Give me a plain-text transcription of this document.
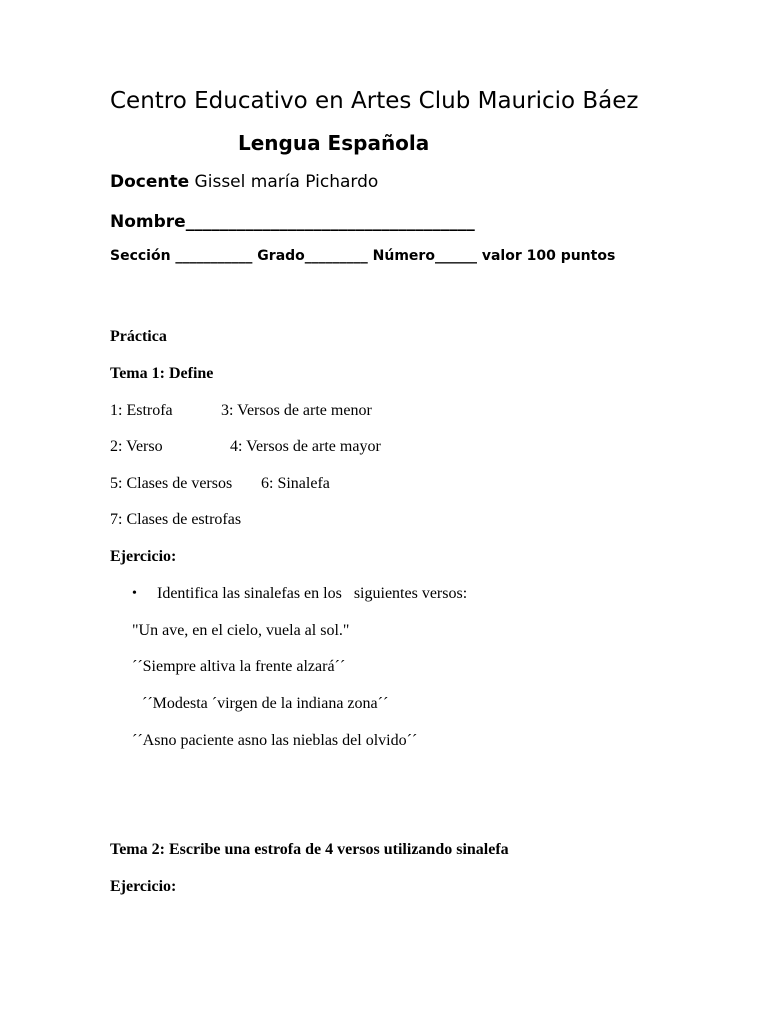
Centro Educativo en Artes Club Mauricio Báez
Lengua Española
Docente Gissel maría Pichardo
Nombre__________________________________
Sección ___________ Grado_________ Número______ valor 100 puntos
Práctica
Tema 1: Define
1: Estrofa	3: Versos de arte menor
2: Verso	4: Versos de arte mayor
5: Clases de versos 6: Sinalefa
7: Clases de estrofas
Ejercicio:
• Identifica las sinalefas en los   siguientes versos:
"Un ave, en el cielo, vuela al sol."
´´Siempre altiva la frente alzará´´
´´Modesta ´virgen de la indiana zona´´
´´Asno paciente asno las nieblas del olvido´´
Tema 2: Escribe una estrofa de 4 versos utilizando sinalefa
Ejercicio:
